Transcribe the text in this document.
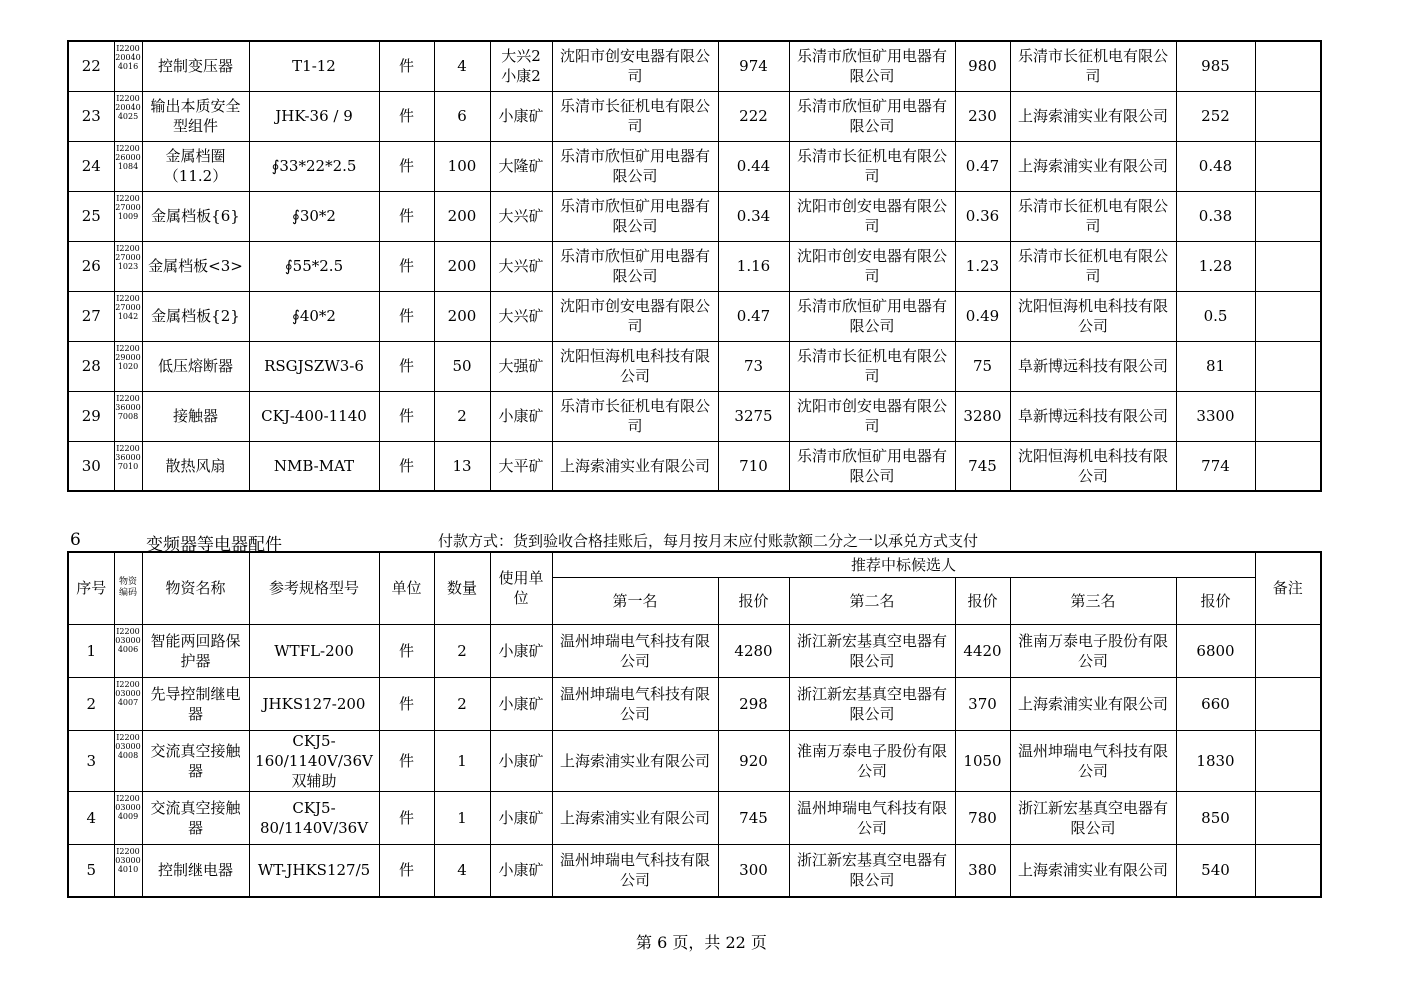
22	I2200200404016	控制变压器	T1-12	件	4	大兴2 小康2	沈阳市创安电器有限公司	974	乐清市欣恒矿用电器有限公司	980	乐清市长征机电有限公司	985	
23	I2200200404025	输出本质安全型组件	JHK-36 / 9	件	6	小康矿	乐清市长征机电有限公司	222	乐清市欣恒矿用电器有限公司	230	上海索浦实业有限公司	252	
24	I2200260001084	金属档圈（11.2）	∮33*22*2.5	件	100	大隆矿	乐清市欣恒矿用电器有限公司	0.44	乐清市长征机电有限公司	0.47	上海索浦实业有限公司	0.48	
25	I2200270001009	金属档板{6}	∮30*2	件	200	大兴矿	乐清市欣恒矿用电器有限公司	0.34	沈阳市创安电器有限公司	0.36	乐清市长征机电有限公司	0.38	
26	I2200270001023	金属档板<3>	∮55*2.5	件	200	大兴矿	乐清市欣恒矿用电器有限公司	1.16	沈阳市创安电器有限公司	1.23	乐清市长征机电有限公司	1.28	
27	I2200270001042	金属档板{2}	∮40*2	件	200	大兴矿	沈阳市创安电器有限公司	0.47	乐清市欣恒矿用电器有限公司	0.49	沈阳恒海机电科技有限公司	0.5	
28	I2200290001020	低压熔断器	RSGJSZW3-6	件	50	大强矿	沈阳恒海机电科技有限公司	73	乐清市长征机电有限公司	75	阜新博远科技有限公司	81	
29	I2200360007008	接触器	CKJ-400-1140	件	2	小康矿	乐清市长征机电有限公司	3275	沈阳市创安电器有限公司	3280	阜新博远科技有限公司	3300	
30	I2200360007010	散热风扇	NMB-MAT	件	13	大平矿	上海索浦实业有限公司	710	乐清市欣恒矿用电器有限公司	745	沈阳恒海机电科技有限公司	774	
6	变频器等电器配件	付款方式：货到验收合格挂账后，每月按月末应付账款额二分之一以承兑方式支付
序号	物资编码	物资名称	参考规格型号	单位	数量	使用单位	推荐中标候选人						备注
							第一名	报价	第二名	报价	第三名	报价	
1	I2200030004006	智能两回路保护器	WTFL-200	件	2	小康矿	温州坤瑞电气科技有限公司	4280	浙江新宏基真空电器有限公司	4420	淮南万泰电子股份有限公司	6800	
2	I2200030004007	先导控制继电器	JHKS127-200	件	2	小康矿	温州坤瑞电气科技有限公司	298	浙江新宏基真空电器有限公司	370	上海索浦实业有限公司	660	
3	I2200030004008	交流真空接触器	CKJ5-160/1140V/36V双辅助	件	1	小康矿	上海索浦实业有限公司	920	淮南万泰电子股份有限公司	1050	温州坤瑞电气科技有限公司	1830	
4	I2200030004009	交流真空接触器	CKJ5-80/1140V/36V	件	1	小康矿	上海索浦实业有限公司	745	温州坤瑞电气科技有限公司	780	浙江新宏基真空电器有限公司	850	
5	I2200030004010	控制继电器	WT-JHKS127/5	件	4	小康矿	温州坤瑞电气科技有限公司	300	浙江新宏基真空电器有限公司	380	上海索浦实业有限公司	540	
第 6 页，共 22 页
